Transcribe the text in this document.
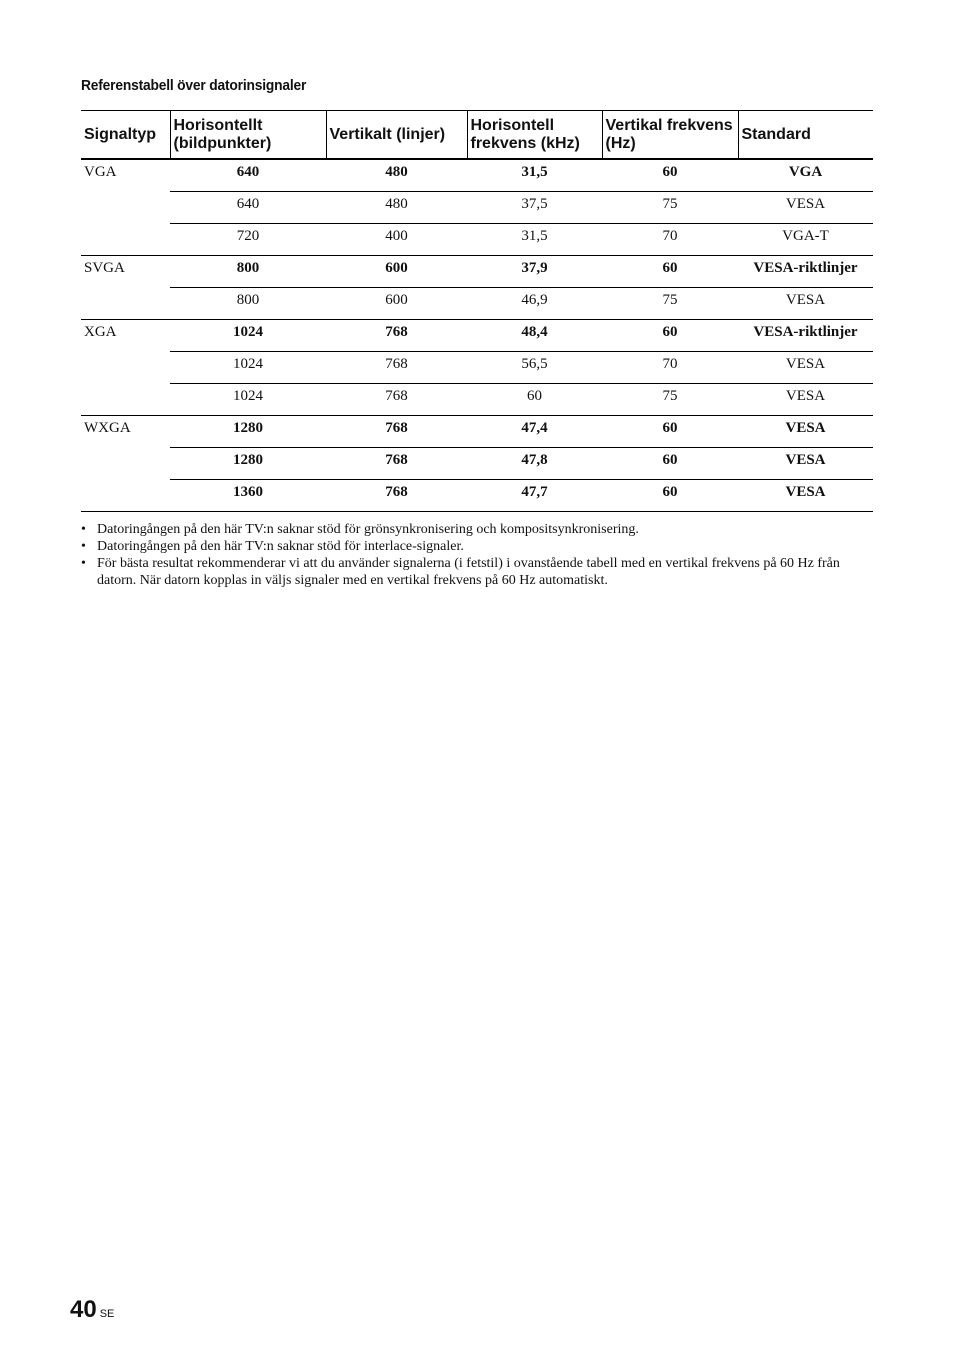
Referenstabell över datorinsignaler
Signaltyp	Horisontellt (bildpunkter)	Vertikalt (linjer)	Horisontell frekvens (kHz)	Vertikal frekvens (Hz)	Standard
VGA	640	480	31,5	60	VGA
	640	480	37,5	75	VESA
	720	400	31,5	70	VGA-T
SVGA	800	600	37,9	60	VESA-riktlinjer
	800	600	46,9	75	VESA
XGA	1024	768	48,4	60	VESA-riktlinjer
	1024	768	56,5	70	VESA
	1024	768	60	75	VESA
WXGA	1280	768	47,4	60	VESA
	1280	768	47,8	60	VESA
	1360	768	47,7	60	VESA
• Datoringången på den här TV:n saknar stöd för grönsynkronisering och kompositsynkronisering.
• Datoringången på den här TV:n saknar stöd för interlace-signaler.
• För bästa resultat rekommenderar vi att du använder signalerna (i fetstil) i ovanstående tabell med en vertikal frekvens på 60 Hz från datorn. När datorn kopplas in väljs signaler med en vertikal frekvens på 60 Hz automatiskt.
40 SE
